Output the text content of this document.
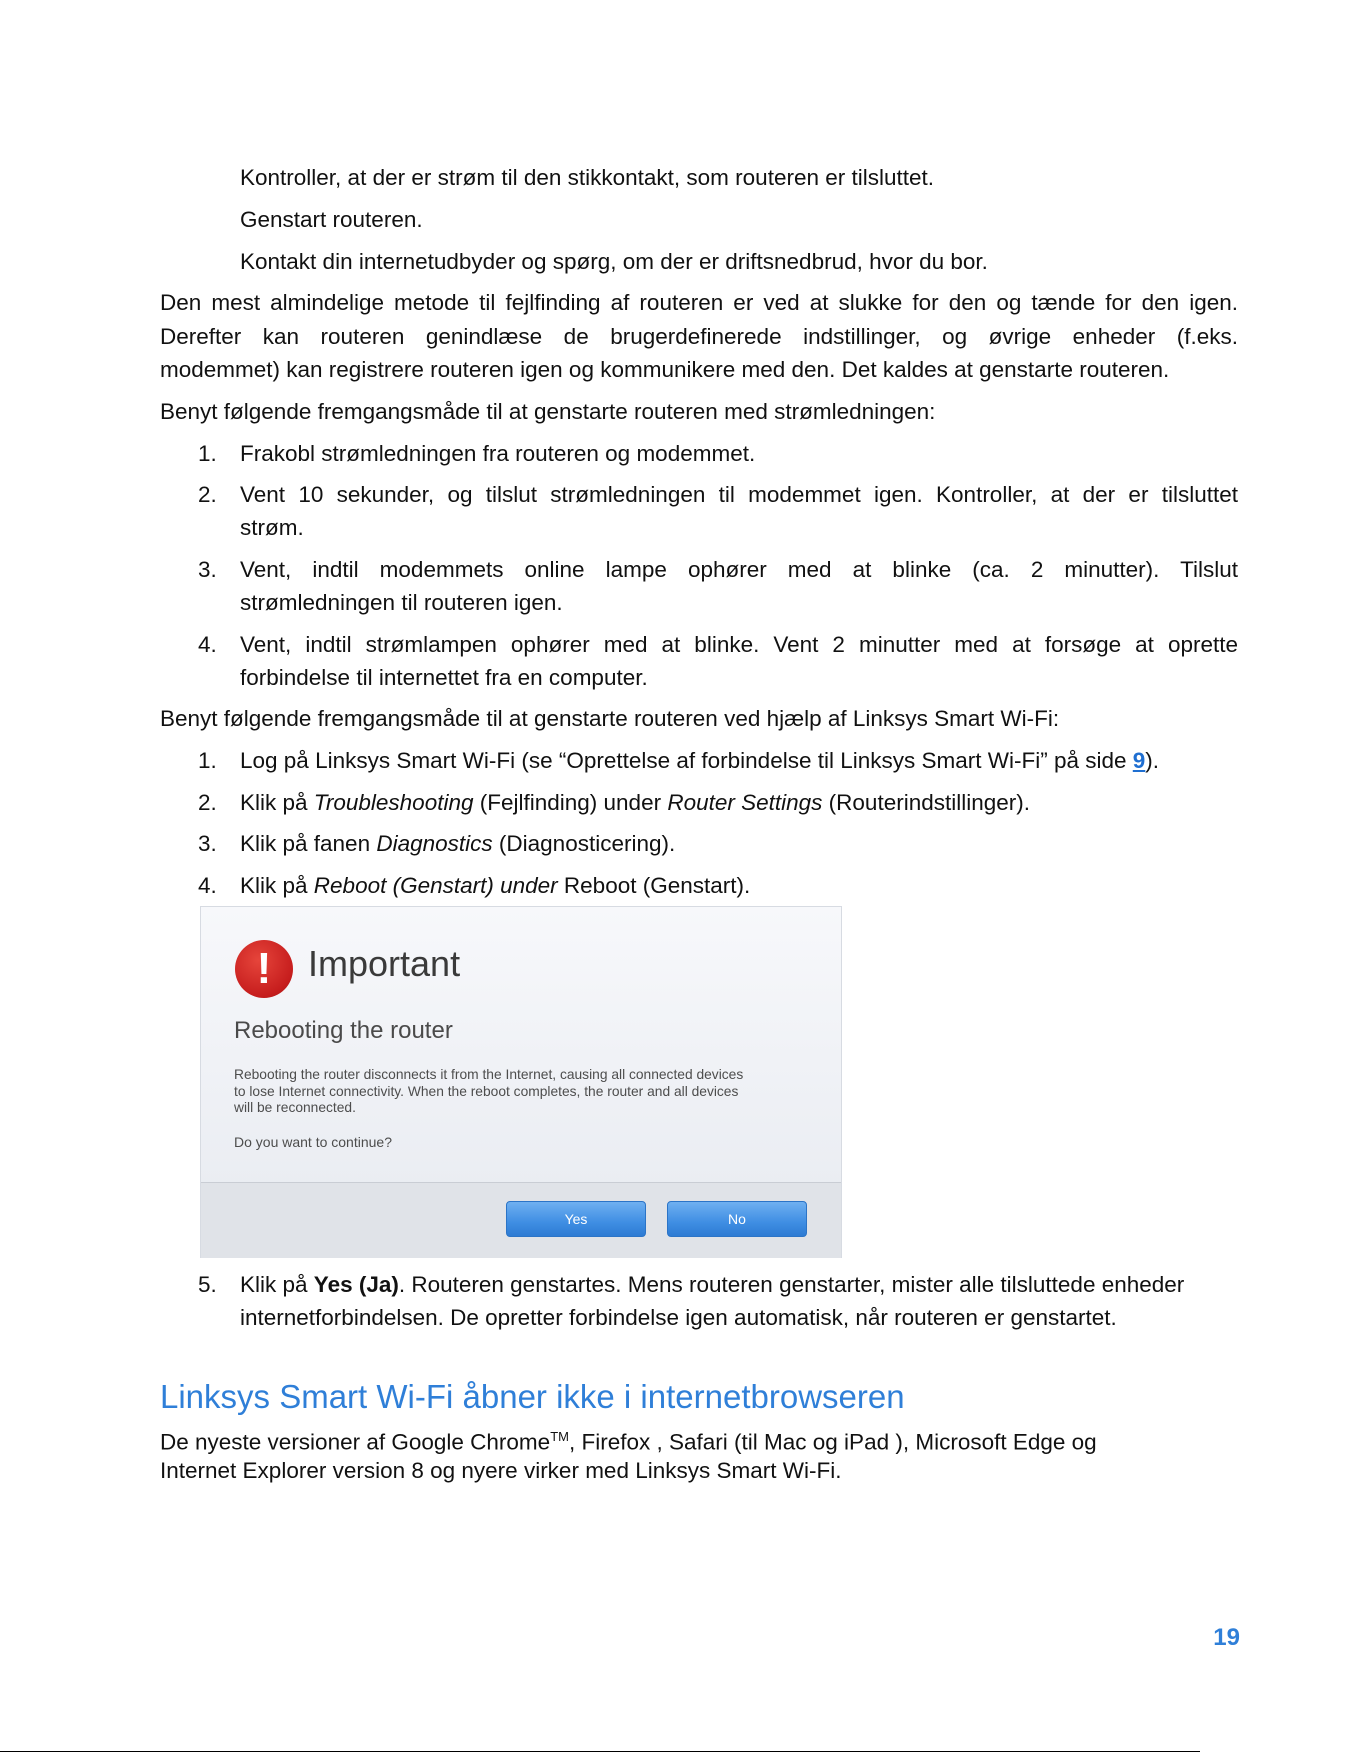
Kontroller, at der er strøm til den stikkontakt, som routeren er tilsluttet.
Genstart routeren.
Kontakt din internetudbyder og spørg, om der er driftsnedbrud, hvor du bor.
Den mest almindelige metode til fejlfinding af routeren er ved at slukke for den og tænde for den igen.
Derefter kan routeren genindlæse de brugerdefinerede indstillinger, og øvrige enheder (f.eks.
modemmet) kan registrere routeren igen og kommunikere med den. Det kaldes at genstarte routeren.
Benyt følgende fremgangsmåde til at genstarte routeren med strømledningen:
1. Frakobl strømledningen fra routeren og modemmet.
2. Vent 10 sekunder, og tilslut strømledningen til modemmet igen. Kontroller, at der er tilsluttet
strøm.
3. Vent, indtil modemmets online lampe ophører med at blinke (ca. 2 minutter). Tilslut
strømledningen til routeren igen.
4. Vent, indtil strømlampen ophører med at blinke. Vent 2 minutter med at forsøge at oprette
forbindelse til internettet fra en computer.
Benyt følgende fremgangsmåde til at genstarte routeren ved hjælp af Linksys Smart Wi-Fi:
1. Log på Linksys Smart Wi-Fi (se “Oprettelse af forbindelse til Linksys Smart Wi-Fi” på side 9).
2. Klik på Troubleshooting (Fejlfinding) under Router Settings (Routerindstillinger).
3. Klik på fanen Diagnostics (Diagnosticering).
4. Klik på Reboot (Genstart) under Reboot (Genstart).
!	Important
Rebooting the router
Rebooting the router disconnects it from the Internet, causing all connected devices
to lose Internet connectivity. When the reboot completes, the router and all devices
will be reconnected.
Do you want to continue?
Yes	No
5. Klik på Yes (Ja). Routeren genstartes. Mens routeren genstarter, mister alle tilsluttede enheder
internetforbindelsen. De opretter forbindelse igen automatisk, når routeren er genstartet.
Linksys Smart Wi-Fi åbner ikke i internetbrowseren
De nyeste versioner af Google Chrome™, Firefox , Safari (til Mac og iPad ), Microsoft Edge og
Internet Explorer version 8 og nyere virker med Linksys Smart Wi-Fi.
19
